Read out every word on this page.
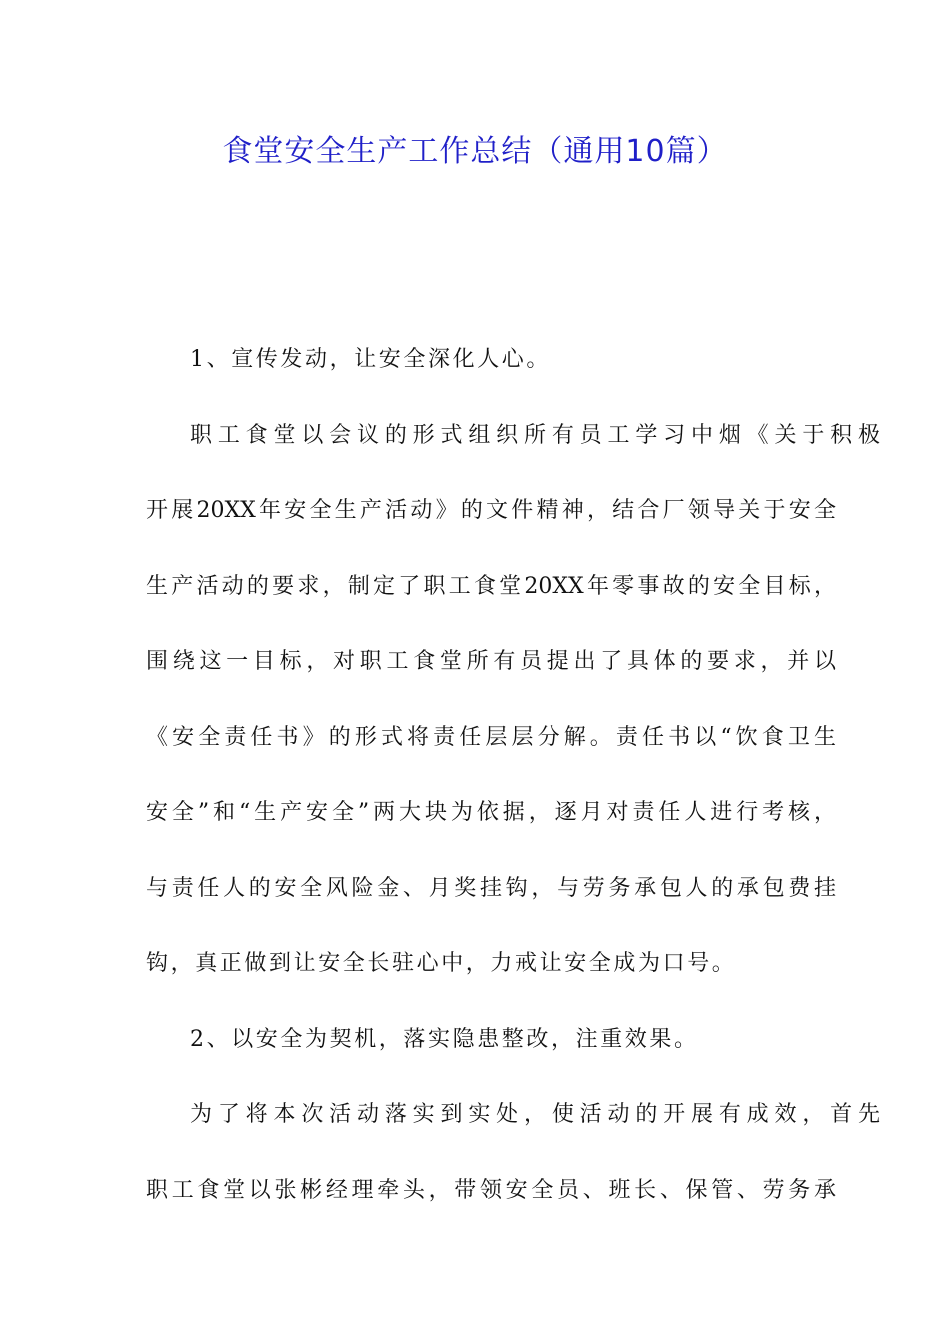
食堂安全生产工作总结（通用10篇）
1、宣传发动，让安全深化人心。
职工食堂以会议的形式组织所有员工学习中烟《关于积极
开展20XX年安全生产活动》的文件精神，结合厂领导关于安全
生产活动的要求，制定了职工食堂20XX年零事故的安全目标，
围绕这一目标，对职工食堂所有员提出了具体的要求，并以
《安全责任书》的形式将责任层层分解。责任书以“饮食卫生
安全”和“生产安全”两大块为依据，逐月对责任人进行考核，
与责任人的安全风险金、月奖挂钩，与劳务承包人的承包费挂
钩，真正做到让安全长驻心中，力戒让安全成为口号。
2、以安全为契机，落实隐患整改，注重效果。
为了将本次活动落实到实处，使活动的开展有成效，首先
职工食堂以张彬经理牵头，带领安全员、班长、保管、劳务承
